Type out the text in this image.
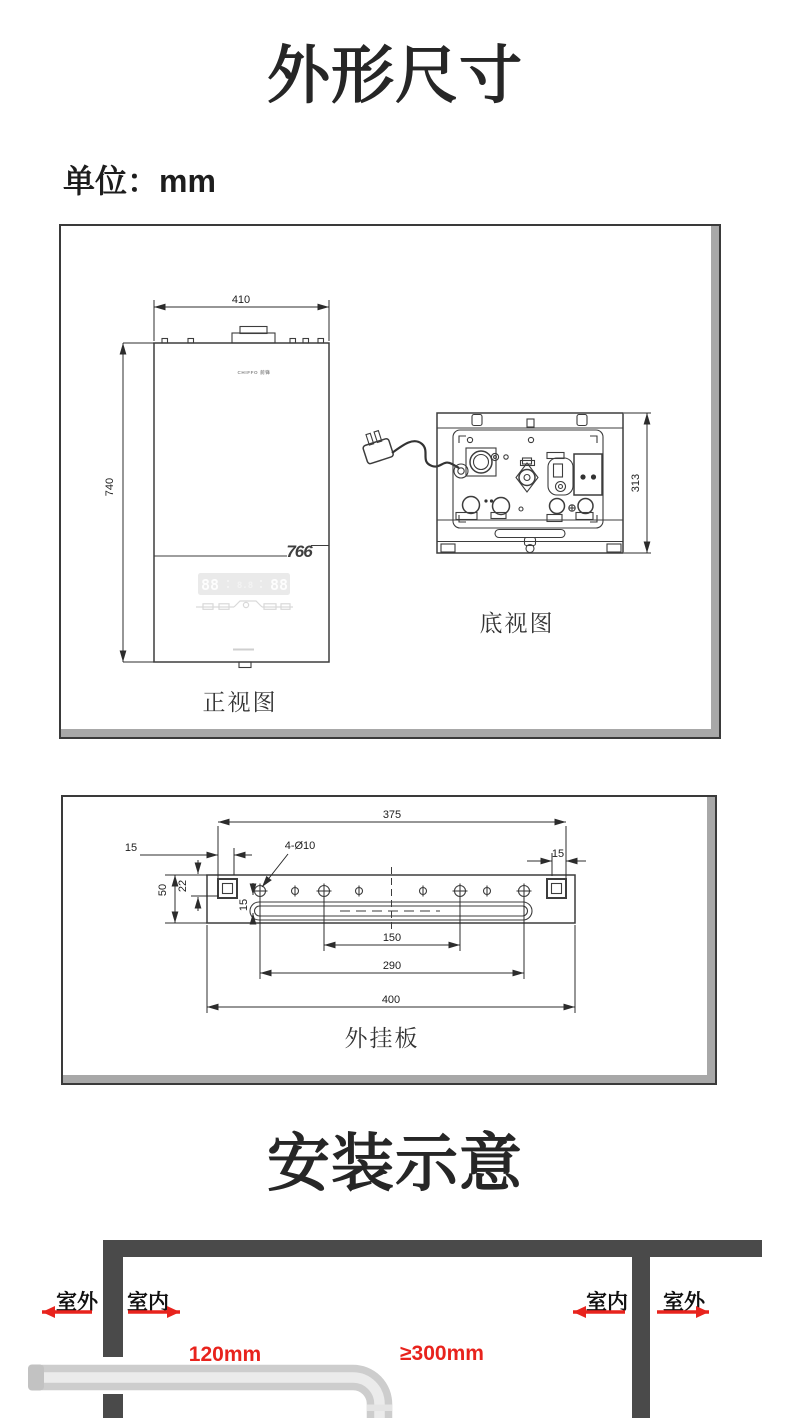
外形尺寸
单位：mm
410
740
CHIFFO 前锋
766
88 8.8 88
正视图
313
底视图
375
15	4-Ø10
15
50 22
15
150
290
400
外挂板
安装示意
室外 室内	室内 室外
120mm	≥300mm
